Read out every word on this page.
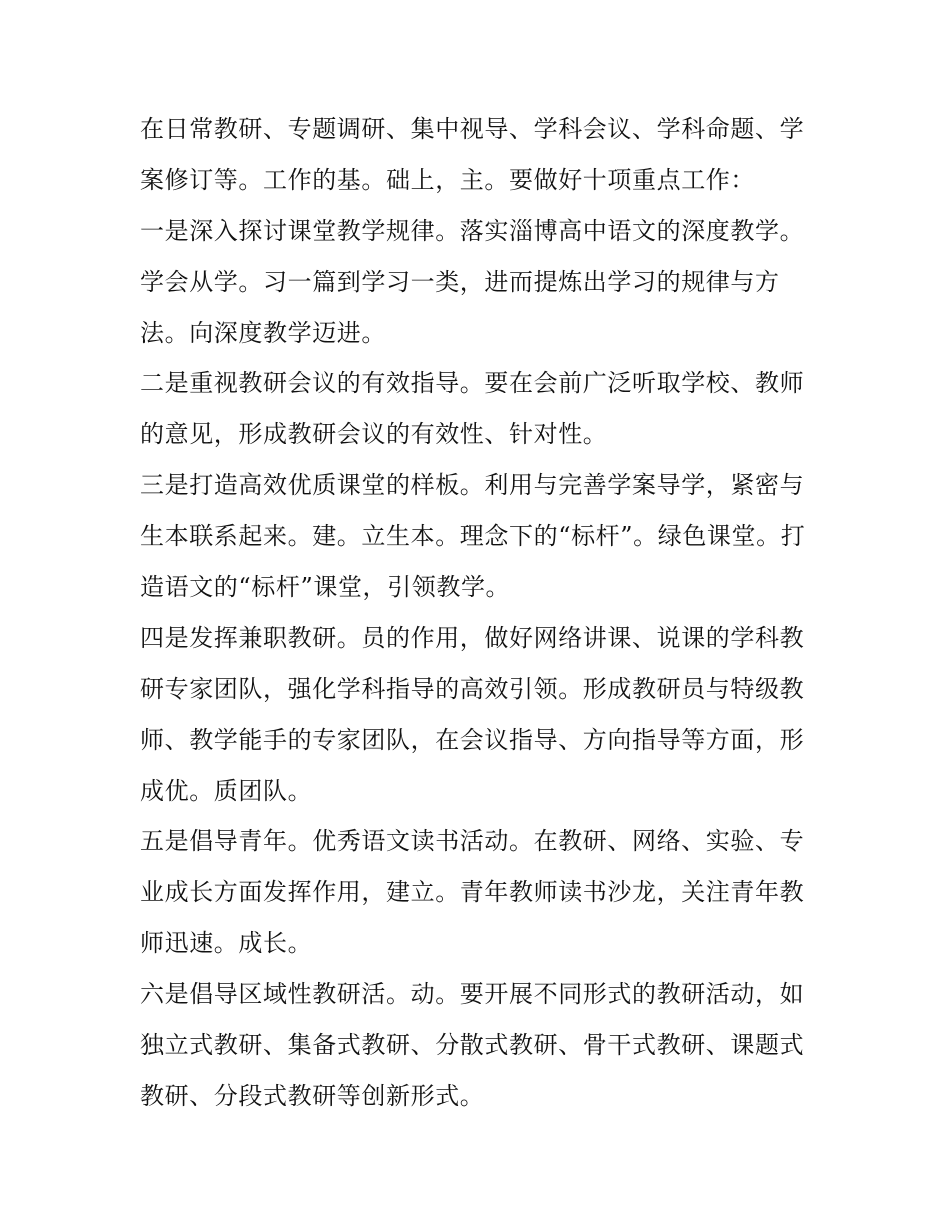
在日常教研、专题调研、集中视导、学科会议、学科命题、学
案修订等。工作的基。础上，主。要做好十项重点工作：
一是深入探讨课堂教学规律。落实淄博高中语文的深度教学。
学会从学。习一篇到学习一类，进而提炼出学习的规律与方
法。向深度教学迈进。
二是重视教研会议的有效指导。要在会前广泛听取学校、教师
的意见，形成教研会议的有效性、针对性。
三是打造高效优质课堂的样板。利用与完善学案导学，紧密与
生本联系起来。建。立生本。理念下的“标杆”。绿色课堂。打
造语文的“标杆”课堂，引领教学。
四是发挥兼职教研。员的作用，做好网络讲课、说课的学科教
研专家团队，强化学科指导的高效引领。形成教研员与特级教
师、教学能手的专家团队，在会议指导、方向指导等方面，形
成优。质团队。
五是倡导青年。优秀语文读书活动。在教研、网络、实验、专
业成长方面发挥作用，建立。青年教师读书沙龙，关注青年教
师迅速。成长。
六是倡导区域性教研活。动。要开展不同形式的教研活动，如
独立式教研、集备式教研、分散式教研、骨干式教研、课题式
教研、分段式教研等创新形式。
